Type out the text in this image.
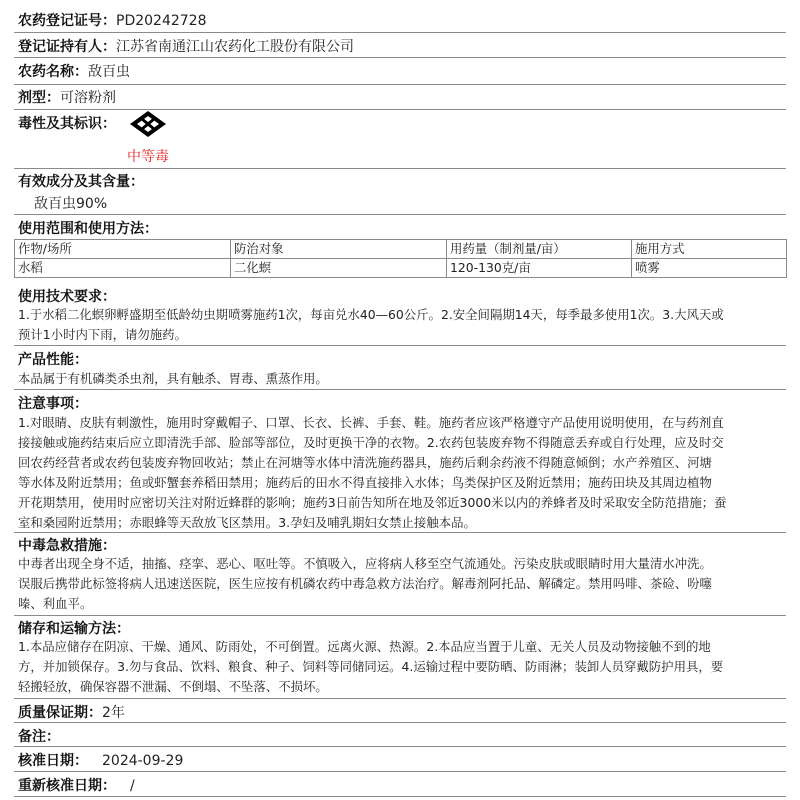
农药登记证号： PD20242728
登记证持有人： 江苏省南通江山农药化工股份有限公司
农药名称： 敌百虫
剂型： 可溶粉剂
毒性及其标识：
中等毒
有效成分及其含量：
敌百虫90%
使用范围和使用方法：
作物/场所	防治对象	用药量（制剂量/亩）	施用方式
水稻	二化螟	120-130克/亩	喷雾
使用技术要求：
1.于水稻二化螟卵孵盛期至低龄幼虫期喷雾施药1次，每亩兑水40—60公斤。2.安全间隔期14天，每季最多使用1次。3.大风天或
预计1小时内下雨，请勿施药。
产品性能：
本品属于有机磷类杀虫剂，具有触杀、胃毒、熏蒸作用。
注意事项：
1.对眼睛、皮肤有刺激性，施用时穿戴帽子、口罩、长衣、长裤、手套、鞋。施药者应该严格遵守产品使用说明使用，在与药剂直
接接触或施药结束后应立即清洗手部、脸部等部位，及时更换干净的衣物。2.农药包装废弃物不得随意丢弃或自行处理，应及时交
回农药经营者或农药包装废弃物回收站；禁止在河塘等水体中清洗施药器具，施药后剩余药液不得随意倾倒；水产养殖区、河塘
等水体及附近禁用；鱼或虾蟹套养稻田禁用；施药后的田水不得直接排入水体；鸟类保护区及附近禁用；施药田块及其周边植物
开花期禁用，使用时应密切关注对附近蜂群的影响；施药3日前告知所在地及邻近3000米以内的养蜂者及时采取安全防范措施；蚕
室和桑园附近禁用；赤眼蜂等天敌放飞区禁用。3.孕妇及哺乳期妇女禁止接触本品。
中毒急救措施：
中毒者出现全身不适，抽搐、痉挛、恶心、呕吐等。不慎吸入，应将病人移至空气流通处。污染皮肤或眼睛时用大量清水冲洗。
误服后携带此标签将病人迅速送医院，医生应按有机磷农药中毒急救方法治疗。解毒剂阿托品、解磷定。禁用吗啡、茶硷、吩噻
嗪、利血平。
储存和运输方法：
1.本品应储存在阴凉、干燥、通风、防雨处，不可倒置。远离火源、热源。2.本品应当置于儿童、无关人员及动物接触不到的地
方，并加锁保存。3.勿与食品、饮料、粮食、种子、饲料等同储同运。4.运输过程中要防晒、防雨淋；装卸人员穿戴防护用具，要
轻搬轻放，确保容器不泄漏、不倒塌、不坠落、不损坏。
质量保证期： 2年
备注：
核准日期： 2024-09-29
重新核准日期： /
